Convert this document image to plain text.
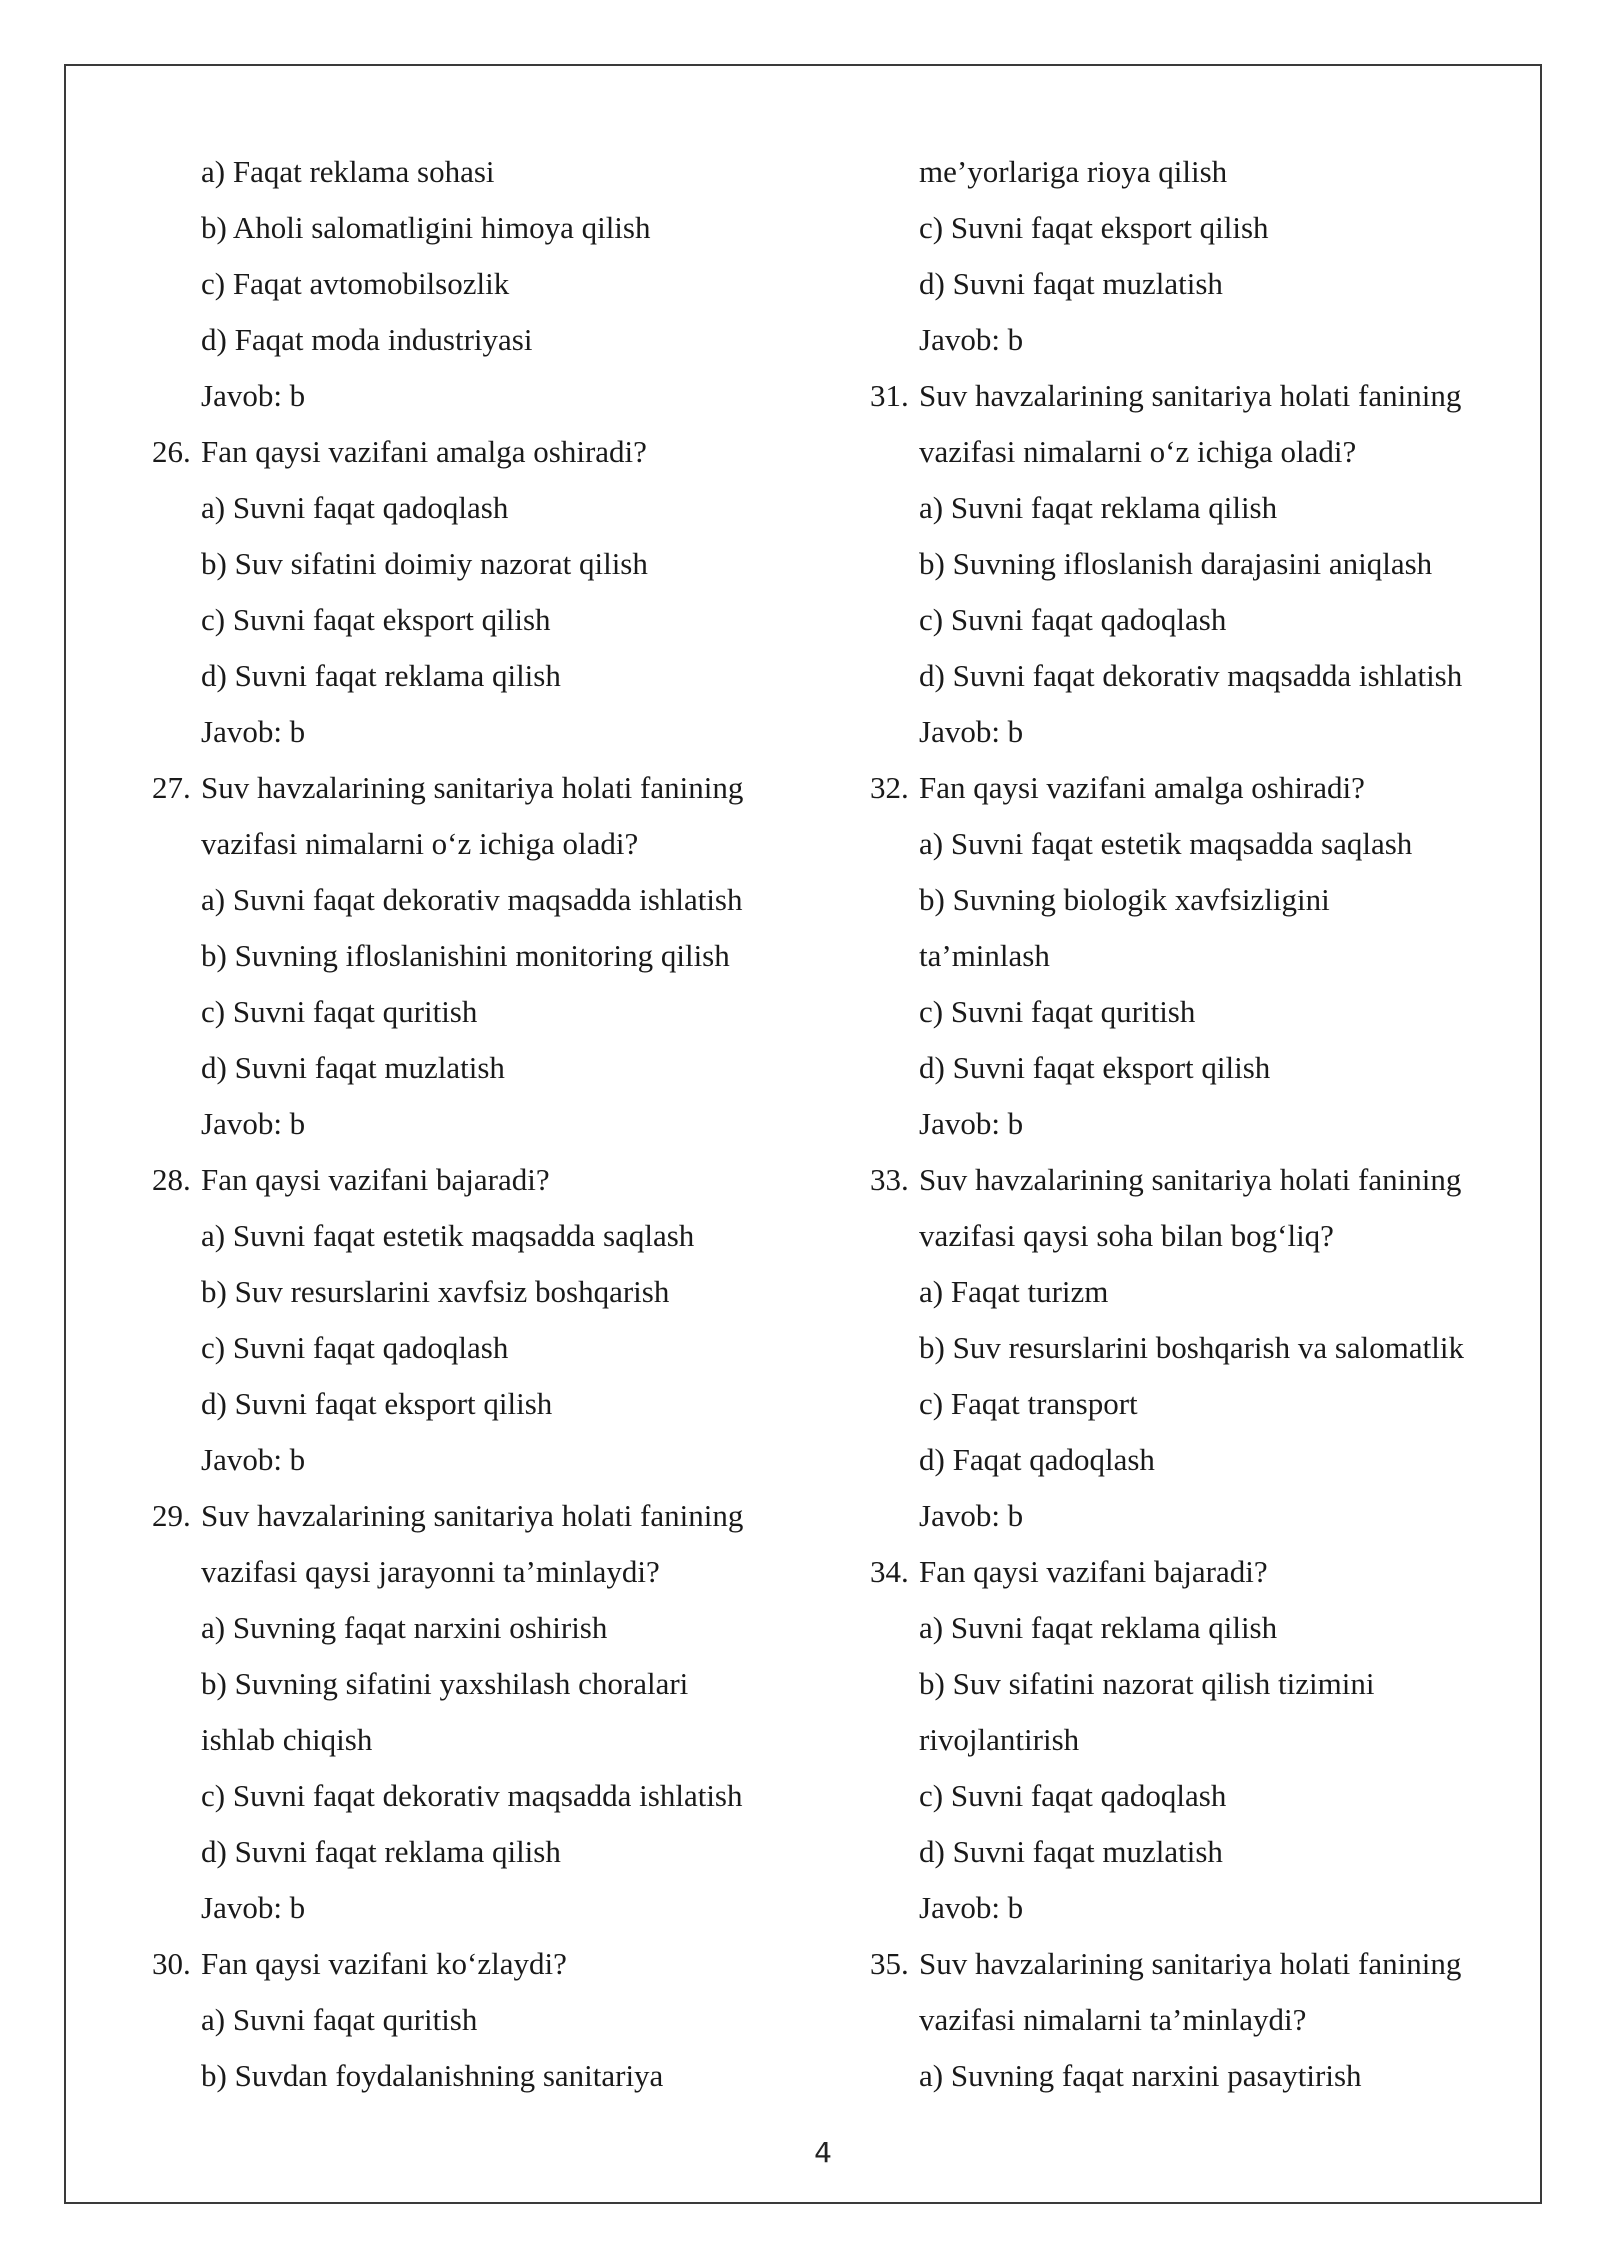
a) Faqat reklama sohasi
b) Aholi salomatligini himoya qilish
c) Faqat avtomobilsozlik
d) Faqat moda industriyasi
Javob: b
26. Fan qaysi vazifani amalga oshiradi?
a) Suvni faqat qadoqlash
b) Suv sifatini doimiy nazorat qilish
c) Suvni faqat eksport qilish
d) Suvni faqat reklama qilish
Javob: b
27. Suv havzalarining sanitariya holati fanining
vazifasi nimalarni o‘z ichiga oladi?
a) Suvni faqat dekorativ maqsadda ishlatish
b) Suvning ifloslanishini monitoring qilish
c) Suvni faqat quritish
d) Suvni faqat muzlatish
Javob: b
28. Fan qaysi vazifani bajaradi?
a) Suvni faqat estetik maqsadda saqlash
b) Suv resurslarini xavfsiz boshqarish
c) Suvni faqat qadoqlash
d) Suvni faqat eksport qilish
Javob: b
29. Suv havzalarining sanitariya holati fanining
vazifasi qaysi jarayonni ta’minlaydi?
a) Suvning faqat narxini oshirish
b) Suvning sifatini yaxshilash choralari
ishlab chiqish
c) Suvni faqat dekorativ maqsadda ishlatish
d) Suvni faqat reklama qilish
Javob: b
30. Fan qaysi vazifani ko‘zlaydi?
a) Suvni faqat quritish
b) Suvdan foydalanishning sanitariya
me’yorlariga rioya qilish
c) Suvni faqat eksport qilish
d) Suvni faqat muzlatish
Javob: b
31. Suv havzalarining sanitariya holati fanining
vazifasi nimalarni o‘z ichiga oladi?
a) Suvni faqat reklama qilish
b) Suvning ifloslanish darajasini aniqlash
c) Suvni faqat qadoqlash
d) Suvni faqat dekorativ maqsadda ishlatish
Javob: b
32. Fan qaysi vazifani amalga oshiradi?
a) Suvni faqat estetik maqsadda saqlash
b) Suvning biologik xavfsizligini
ta’minlash
c) Suvni faqat quritish
d) Suvni faqat eksport qilish
Javob: b
33. Suv havzalarining sanitariya holati fanining
vazifasi qaysi soha bilan bog‘liq?
a) Faqat turizm
b) Suv resurslarini boshqarish va salomatlik
c) Faqat transport
d) Faqat qadoqlash
Javob: b
34. Fan qaysi vazifani bajaradi?
a) Suvni faqat reklama qilish
b) Suv sifatini nazorat qilish tizimini
rivojlantirish
c) Suvni faqat qadoqlash
d) Suvni faqat muzlatish
Javob: b
35. Suv havzalarining sanitariya holati fanining
vazifasi nimalarni ta’minlaydi?
a) Suvning faqat narxini pasaytirish
4
